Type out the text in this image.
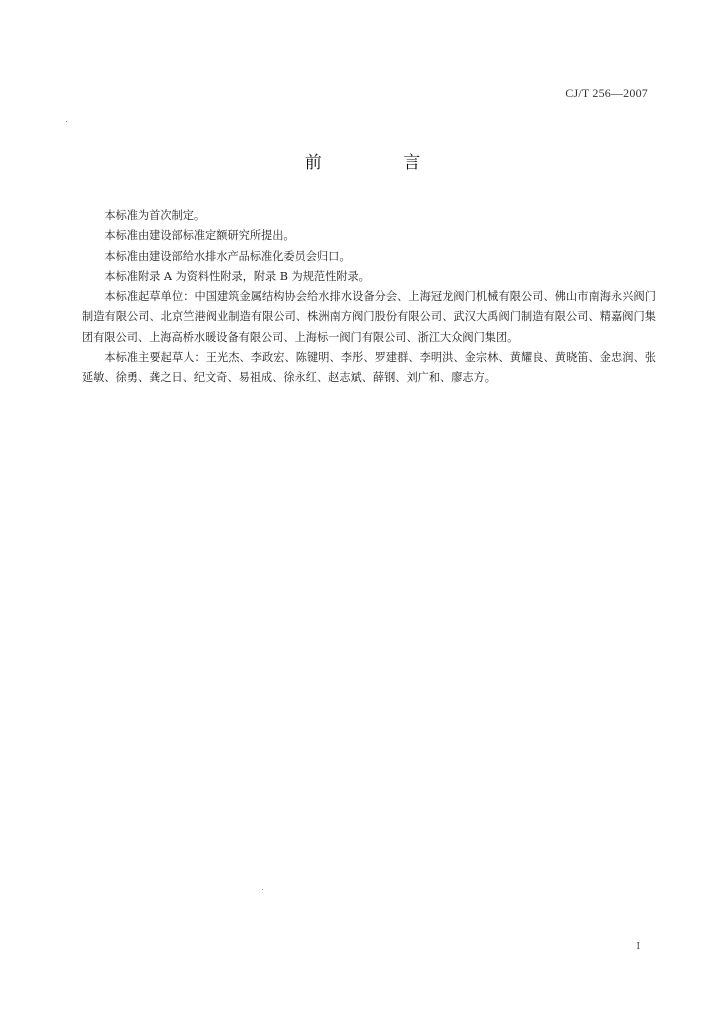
CJ/T 256—2007
前 言

本标准为首次制定。

本标准由建设部标准定额研究所提出。

本标准由建设部给水排水产品标准化委员会归口。

本标准附录 A 为资料性附录，附录 B 为规范性附录。

本标准起草单位：中国建筑金属结构协会给水排水设备分会、上海冠龙阀门机械有限公司、佛山市南海永兴阀门制造有限公司、北京竺港阀业制造有限公司、株洲南方阀门股份有限公司、武汉大禹阀门制造有限公司、精嘉阀门集团有限公司、上海高桥水暖设备有限公司、上海标一阀门有限公司、浙江大众阀门集团。

本标准主要起草人：王光杰、李政宏、陈键明、李彤、罗建群、李明洪、金宗林、黄耀良、黄晓笛、金忠润、张延敏、徐勇、龚之日、纪文奇、易祖成、徐永红、赵志斌、薛钢、刘广和、廖志方。

I
